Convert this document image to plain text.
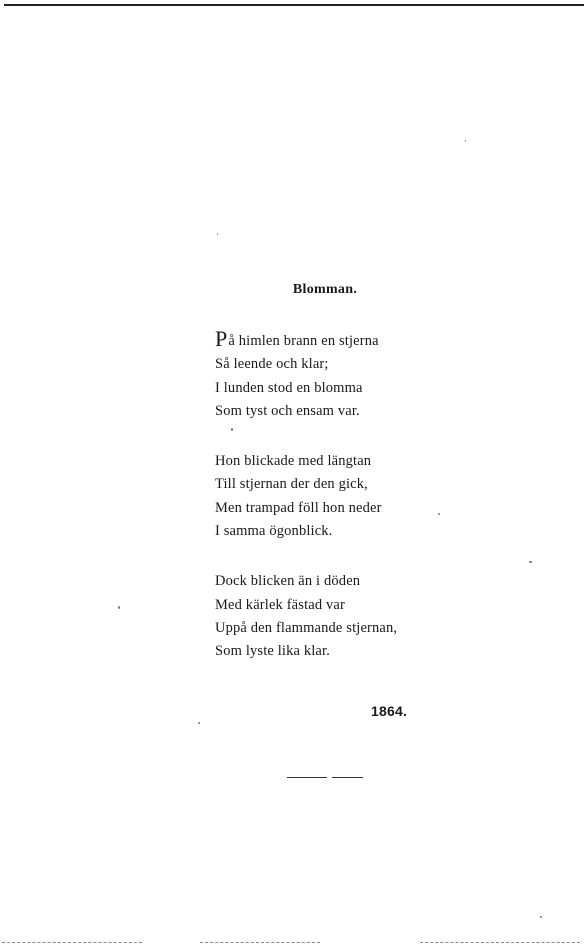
Blomman.
På himlen brann en stjerna
Så leende och klar;
I lunden stod en blomma
Som tyst och ensam var.
Hon blickade med längtan
Till stjernan der den gick,
Men trampad föll hon neder
I samma ögonblick.
Dock blicken än i döden
Med kärlek fästad var
Uppå den flammande stjernan,
Som lyste lika klar.
1864.
